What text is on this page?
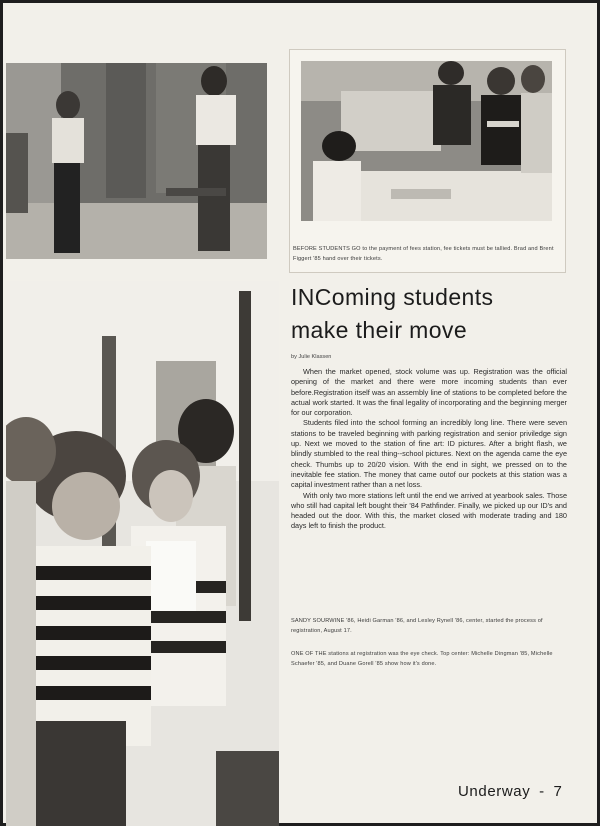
BEFORE STUDENTS GO to the payment of fees station, fee tickets must be tallied. Brad and Brent Figgert '85 hand over their tickets.
INComing students
make their move
by Julie Klassen

When the market opened, stock volume was up. Registration was the official opening of the market and there were more incoming students than ever before.Registration itself was an assembly line of stations to be completed before the actual work started. It was the final legality of incorporating and the beginning merger for our corporation.

Students filed into the school forming an incredibly long line. There were seven stations to be traveled beginning with parking registration and senior priviledge sign up. Next we moved to the station of fine art: ID pictures. After a bright flash, we blindly stumbled to the real thing--school pictures. Next on the agenda came the eye check. Thumbs up to 20/20 vision. With the end in sight, we pressed on to the inevitable fee station. The money that came outof our pockets at this station was a capital investment rather than a net loss.

With only two more stations left until the end we arrived at yearbook sales. Those who still had capital left bought their '84 Pathfinder. Finally, we picked up our ID's and headed out the door. With this, the market closed with moderate trading and 180 days left to finish the product.

SANDY SOURWINE '86, Heidi Garman '86, and Lesley Rynell '86, center, started the process of registration, August 17.
ONE OF THE stations at registration was the eye check. Top center: Michelle Dingman '85, Michelle Schaefer '85, and Duane Gorell '85 show how it's done.
Underway - 7
